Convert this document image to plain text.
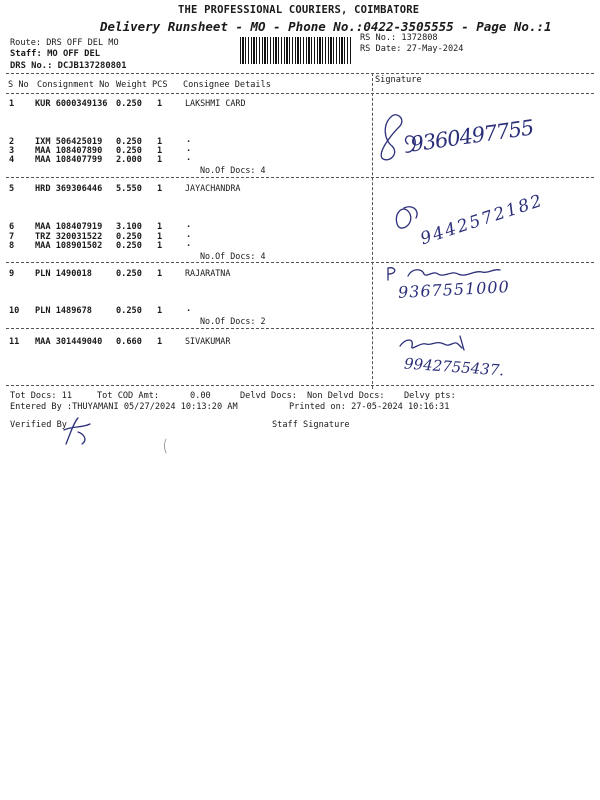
THE PROFESSIONAL COURIERS, COIMBATORE
Delivery Runsheet - MO - Phone No.:0422-3505555 - Page No.:1
Route: DRS OFF DEL MO
Staff: MO OFF DEL
DRS No.: DCJB137280801
RS No.: 1372808
RS Date: 27-May-2024
S No Consignment No Weight PCS Consignee Details	Signature
1 KUR 6000349136 0.250 1	LAKSHMI CARD
2 IXM 506425019 0.250 1	.
3 MAA 108407890 0.250 1	.
4 MAA 108407799 2.000 1	.
No.Of Docs: 4
9360497755
5 HRD 369306446 5.550 1	JAYACHANDRA
6 MAA 108407919 3.100 1	.
7 TRZ 320031522 0.250 1	.
8 MAA 108901502 0.250 1	.
No.Of Docs: 4
9442572182
9 PLN 1490018	0.250 1	RAJARATNA
10 PLN 1489678	0.250 1	.
No.Of Docs: 2
9367551000
11 MAA 301449040 0.660 1	SIVAKUMAR
9942755437.
Tot Docs: 11	Tot COD Amt:	0.00	Delvd Docs: Non Delvd Docs: Delvy pts:
Entered By :THUYAMANI 05/27/2024 10:13:20 AM	Printed on: 27-05-2024 10:16:31
Verified By	Staff Signature
